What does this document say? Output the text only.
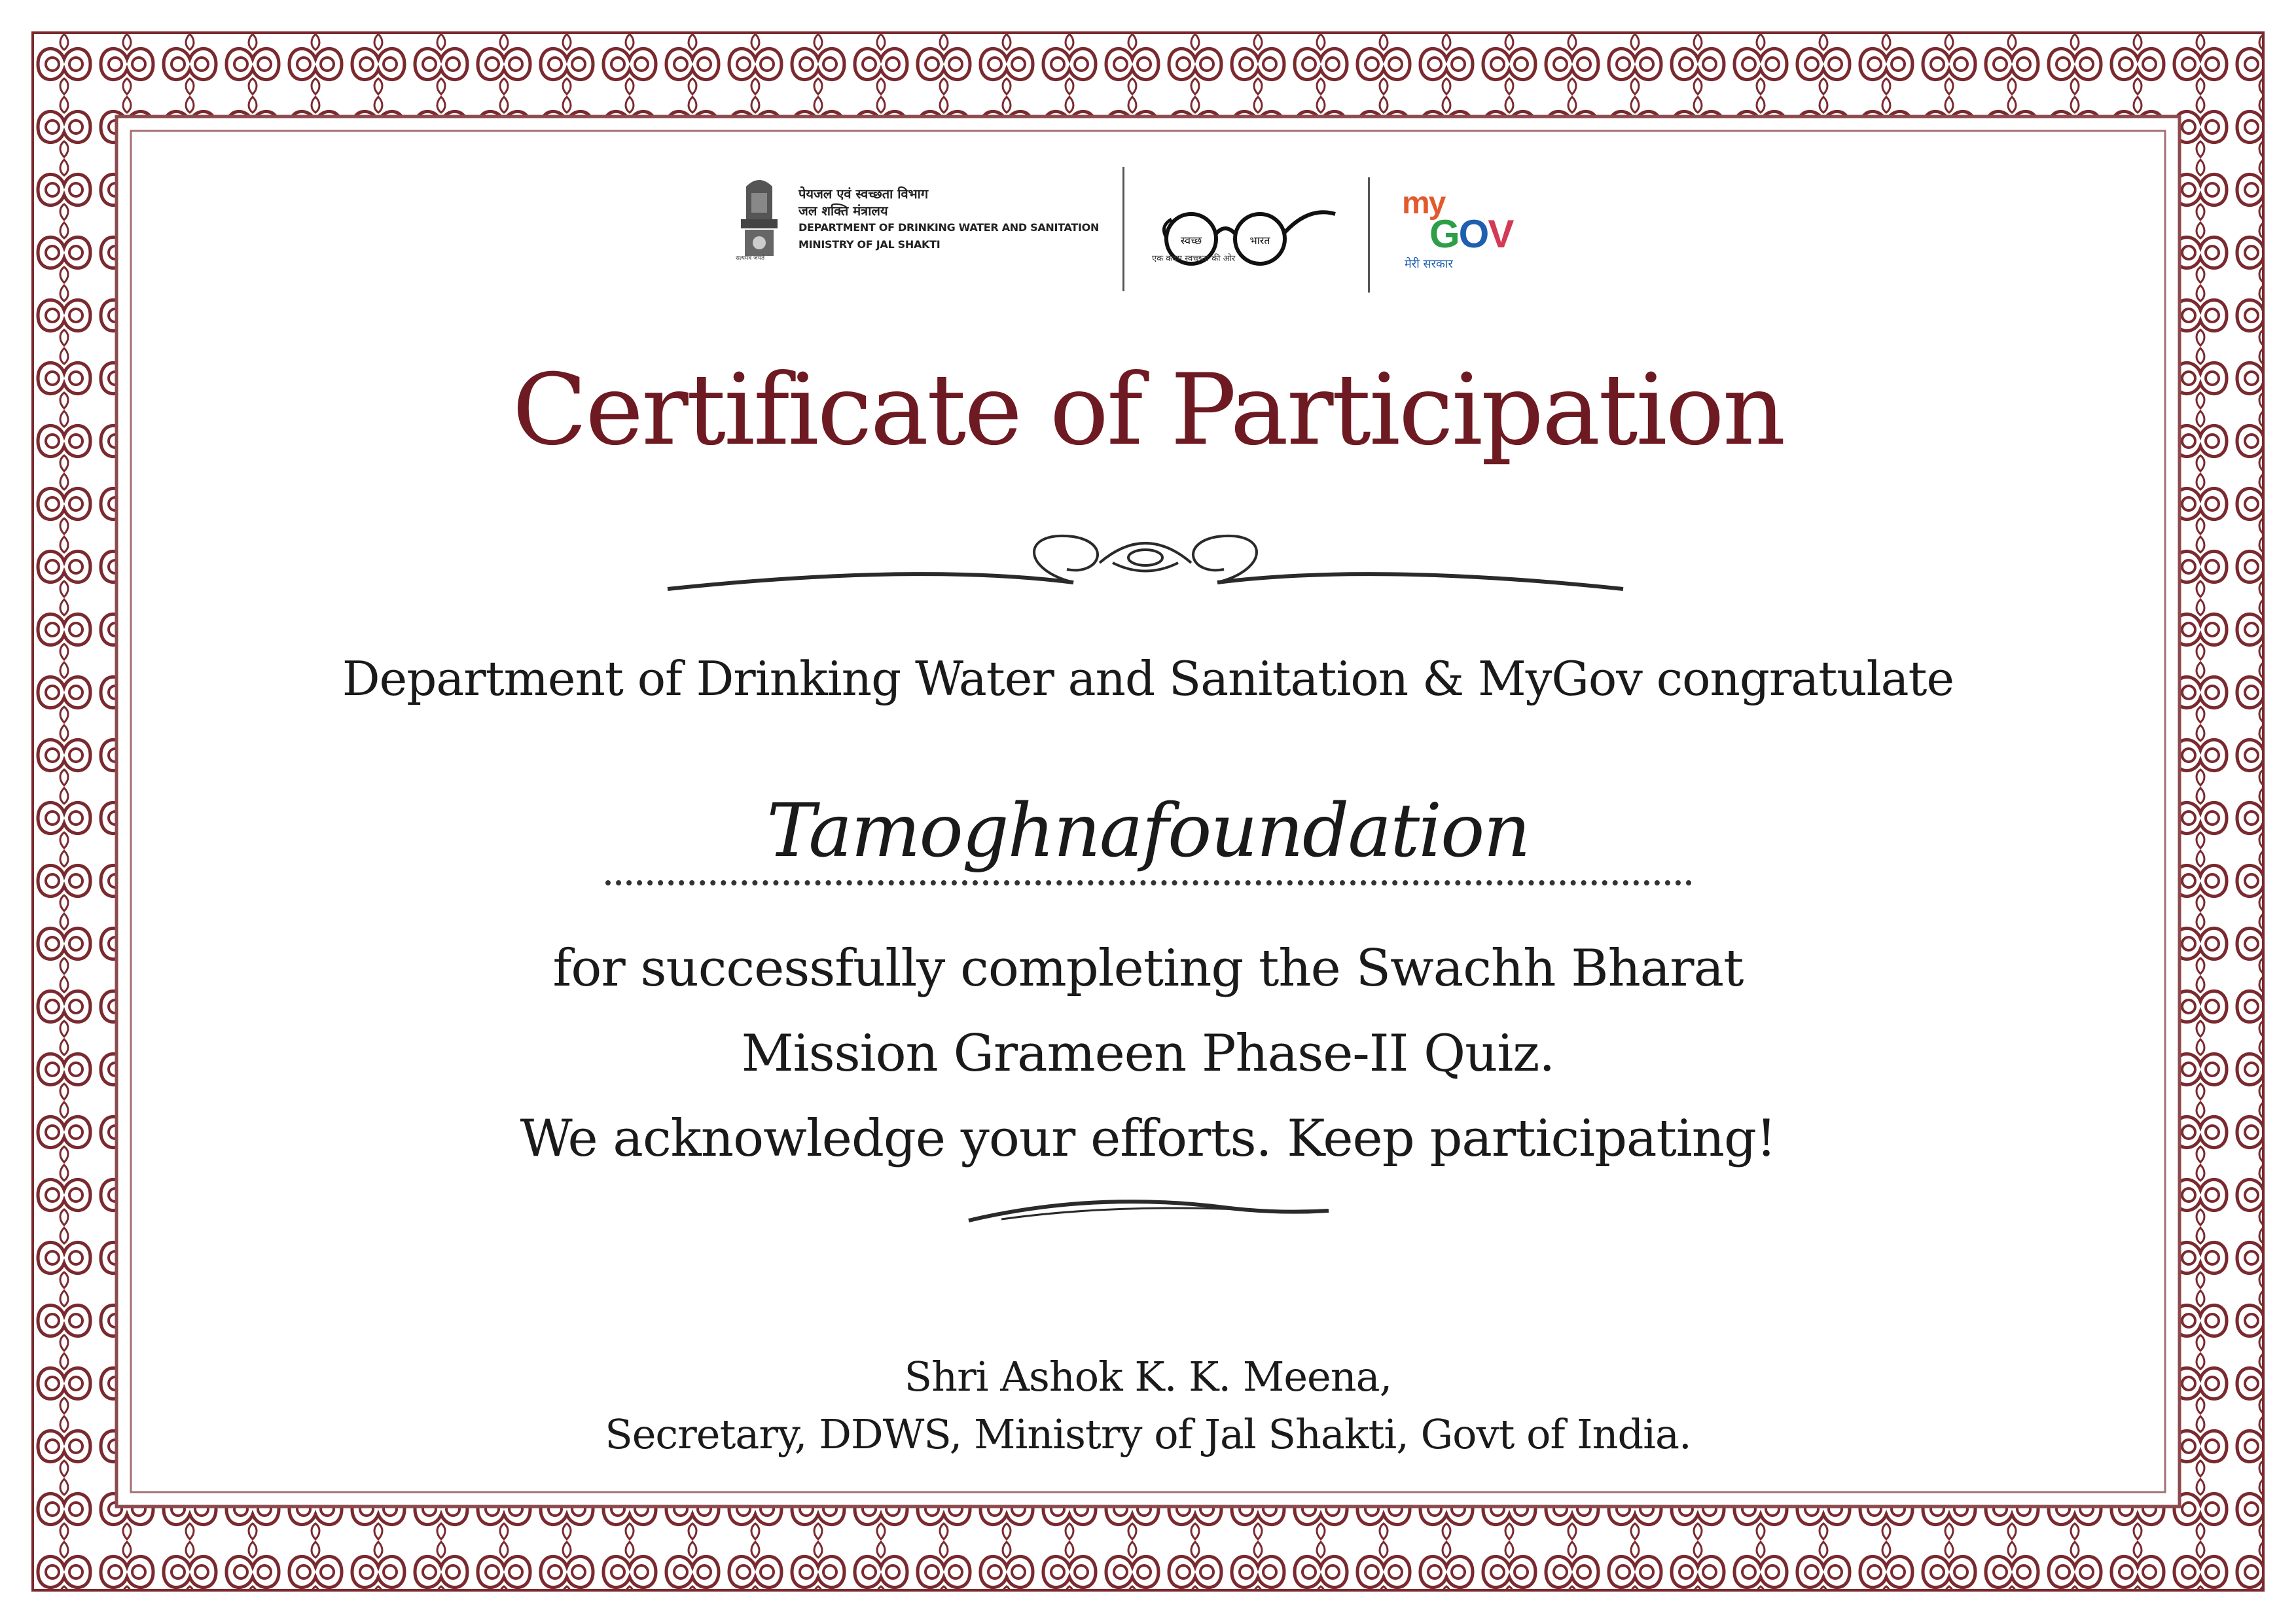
सत्यमेव जयते
पेयजल एवं स्वच्छता विभाग
जल शक्ति मंत्रालय
DEPARTMENT OF DRINKING WATER AND SANITATION
MINISTRY OF JAL SHAKTI	स्वच्छ	भारत
एक कदम स्वच्छता की ओर
my
GOV
मेरी सरकार
Certificate of Participation
Department of Drinking Water and Sanitation & MyGov congratulate
Tamoghnafoundation
for successfully completing the Swachh Bharat
Mission Grameen Phase-II Quiz.
We acknowledge your efforts. Keep participating!
Shri Ashok K. K. Meena,
Secretary, DDWS, Ministry of Jal Shakti, Govt of India.
